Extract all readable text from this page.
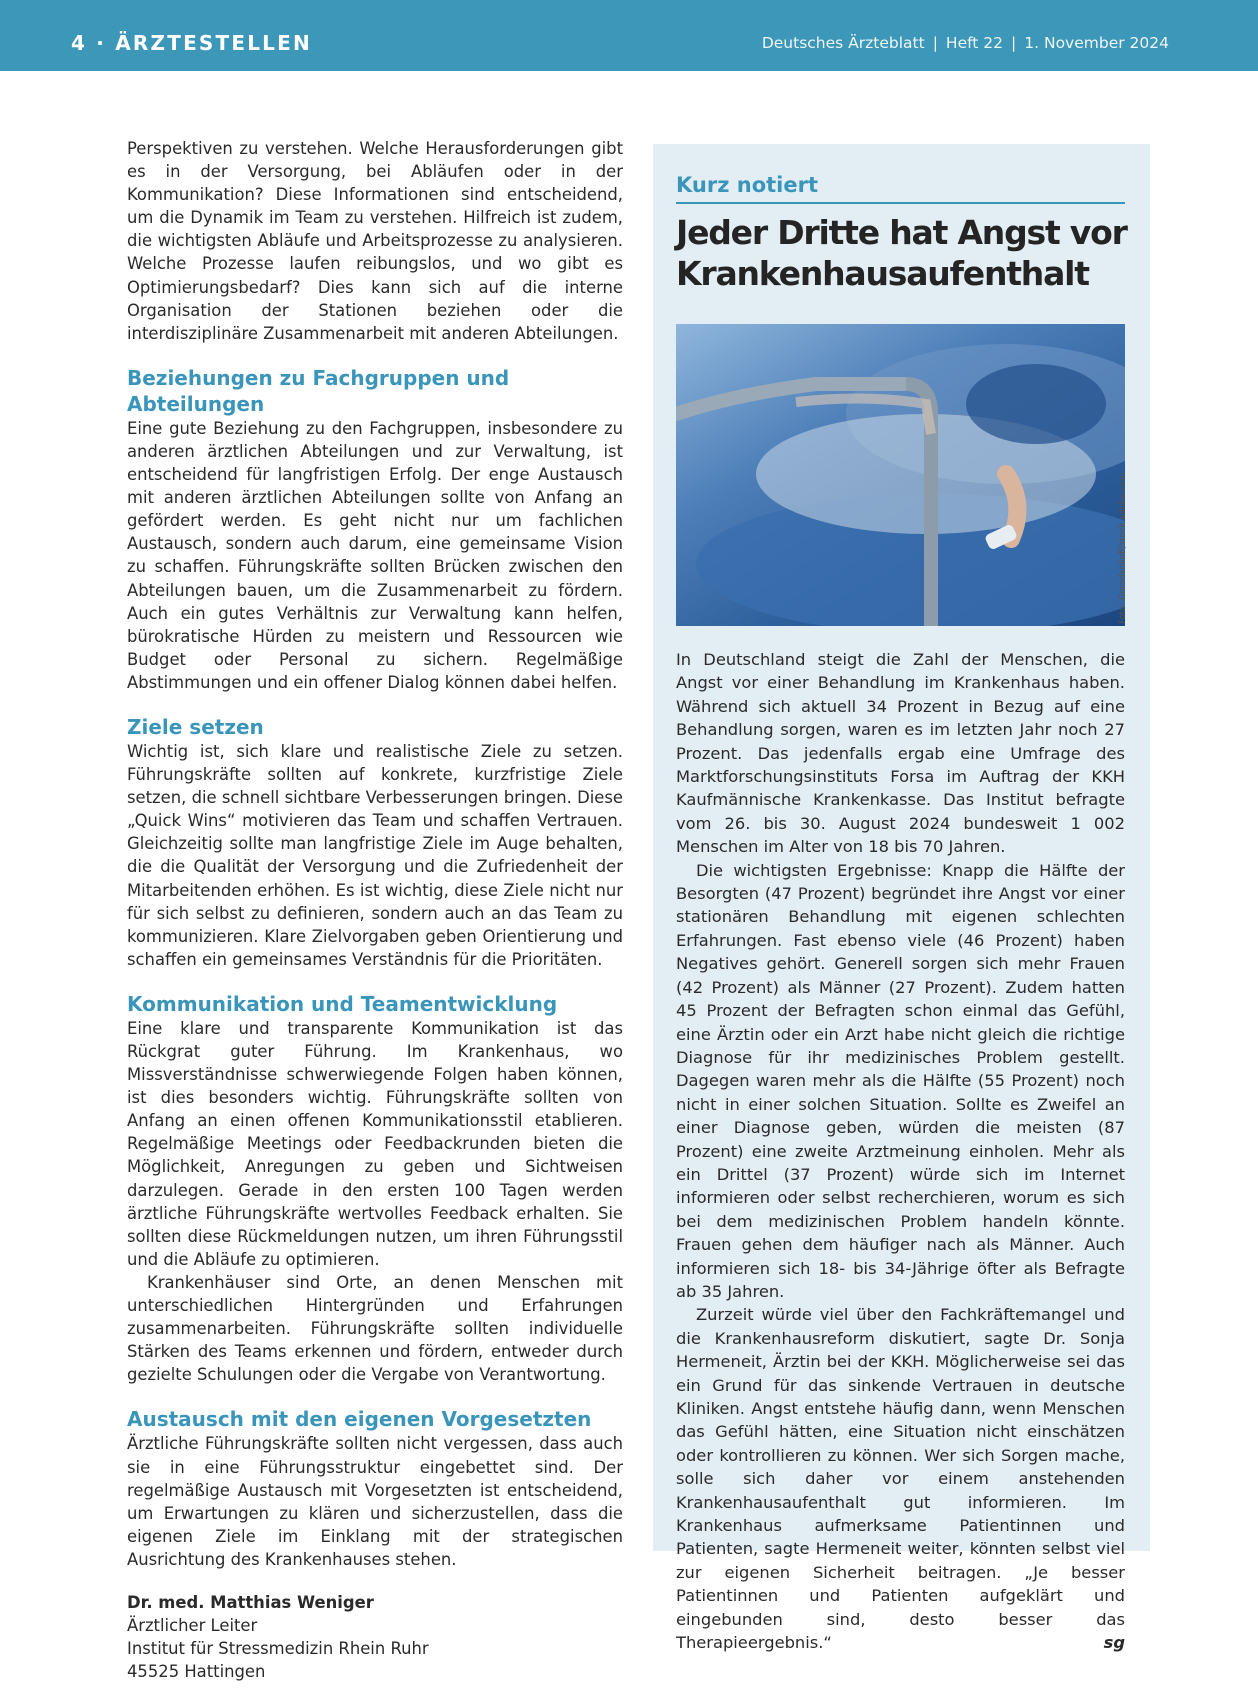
4 · ÄRZTESTELLEN	Deutsches Ärzteblatt | Heft 22 | 1. November 2024

Perspektiven zu verstehen. Welche Herausforderungen gibt es in der Versorgung, bei Abläufen oder in der Kommunikation? Diese Informationen sind entscheidend, um die Dynamik im Team zu verstehen. Hilfreich ist zudem, die wichtigsten Abläufe und Arbeitsprozesse zu analysieren. Welche Prozesse laufen reibungslos, und wo gibt es Optimierungsbedarf? Dies kann sich auf die interne Organisation der Stationen beziehen oder die interdisziplinäre Zusammenarbeit mit anderen Abteilungen.

Beziehungen zu Fachgruppen und Abteilungen

Eine gute Beziehung zu den Fachgruppen, insbesondere zu anderen ärztlichen Abteilungen und zur Verwaltung, ist entscheidend für langfristigen Erfolg. Der enge Austausch mit anderen ärztlichen Abteilungen sollte von Anfang an gefördert werden. Es geht nicht nur um fachlichen Austausch, sondern auch darum, eine gemeinsame Vision zu schaffen. Führungskräfte sollten Brücken zwischen den Abteilungen bauen, um die Zusammenarbeit zu fördern. Auch ein gutes Verhältnis zur Verwaltung kann helfen, bürokratische Hürden zu meistern und Ressourcen wie Budget oder Personal zu sichern. Regelmäßige Abstimmungen und ein offener Dialog können dabei helfen.

Ziele setzen

Wichtig ist, sich klare und realistische Ziele zu setzen. Führungskräfte sollten auf konkrete, kurzfristige Ziele setzen, die schnell sichtbare Verbesserungen bringen. Diese „Quick Wins“ motivieren das Team und schaffen Vertrauen. Gleichzeitig sollte man langfristige Ziele im Auge behalten, die die Qualität der Versorgung und die Zufriedenheit der Mitarbeitenden erhöhen. Es ist wichtig, diese Ziele nicht nur für sich selbst zu definieren, sondern auch an das Team zu kommunizieren. Klare Zielvorgaben geben Orientierung und schaffen ein gemeinsames Verständnis für die Prioritäten.

Kommunikation und Teamentwicklung

Eine klare und transparente Kommunikation ist das Rückgrat guter Führung. Im Krankenhaus, wo Missverständnisse schwerwiegende Folgen haben können, ist dies besonders wichtig. Führungskräfte sollten von Anfang an einen offenen Kommunikationsstil etablieren. Regelmäßige Meetings oder Feedbackrunden bieten die Möglichkeit, Anregungen zu geben und Sichtweisen darzulegen. Gerade in den ersten 100 Tagen werden ärztliche Führungskräfte wertvolles Feedback erhalten. Sie sollten diese Rückmeldungen nutzen, um ihren Führungsstil und die Abläufe zu optimieren.

Krankenhäuser sind Orte, an denen Menschen mit unterschiedlichen Hintergründen und Erfahrungen zusammenarbeiten. Führungskräfte sollten individuelle Stärken des Teams erkennen und fördern, entweder durch gezielte Schulungen oder die Vergabe von Verantwortung.

Austausch mit den eigenen Vorgesetzten

Ärztliche Führungskräfte sollten nicht vergessen, dass auch sie in eine Führungsstruktur eingebettet sind. Der regelmäßige Austausch mit Vorgesetzten ist entscheidend, um Erwartungen zu klären und sicherzustellen, dass die eigenen Ziele im Einklang mit der strategischen Ausrichtung des Krankenhauses stehen.

Dr. med. Matthias Weniger
Ärztlicher Leiter
Institut für Stressmedizin Rhein Ruhr
45525 Hattingen
Kurz notiert
Jeder Dritte hat Angst vor Krankenhausaufenthalt
Foto: Gorodenkoff/stock.adobe.com

In Deutschland steigt die Zahl der Menschen, die Angst vor einer Behandlung im Krankenhaus haben. Während sich aktuell 34 Prozent in Bezug auf eine Behandlung sorgen, waren es im letzten Jahr noch 27 Prozent. Das jedenfalls ergab eine Umfrage des Marktforschungsinstituts Forsa im Auftrag der KKH Kaufmännische Krankenkasse. Das Institut befragte vom 26. bis 30. August 2024 bundesweit 1 002 Menschen im Alter von 18 bis 70 Jahren.

Die wichtigsten Ergebnisse: Knapp die Hälfte der Besorgten (47 Prozent) begründet ihre Angst vor einer stationären Behandlung mit eigenen schlechten Erfahrungen. Fast ebenso viele (46 Prozent) haben Negatives gehört. Generell sorgen sich mehr Frauen (42 Prozent) als Männer (27 Prozent). Zudem hatten 45 Prozent der Befragten schon einmal das Gefühl, eine Ärztin oder ein Arzt habe nicht gleich die richtige Diagnose für ihr medizinisches Problem gestellt. Dagegen waren mehr als die Hälfte (55 Prozent) noch nicht in einer solchen Situation. Sollte es Zweifel an einer Diagnose geben, würden die meisten (87 Prozent) eine zweite Arztmeinung einholen. Mehr als ein Drittel (37 Prozent) würde sich im Internet informieren oder selbst recherchieren, worum es sich bei dem medizinischen Problem handeln könnte. Frauen gehen dem häufiger nach als Männer. Auch informieren sich 18- bis 34-Jährige öfter als Befragte ab 35 Jahren.

Zurzeit würde viel über den Fachkräftemangel und die Krankenhausreform diskutiert, sagte Dr. Sonja Hermeneit, Ärztin bei der KKH. Möglicherweise sei das ein Grund für das sinkende Vertrauen in deutsche Kliniken. Angst entstehe häufig dann, wenn Menschen das Gefühl hätten, eine Situation nicht einschätzen oder kontrollieren zu können. Wer sich Sorgen mache, solle sich daher vor einem anstehenden Krankenhausaufenthalt gut informieren. Im Krankenhaus aufmerksame Patientinnen und Patienten, sagte Hermeneit weiter, könnten selbst viel zur eigenen Sicherheit beitragen. „Je besser Patientinnen und Patienten aufgeklärt und eingebunden sind, desto besser das Therapieergebnis.“	sg
